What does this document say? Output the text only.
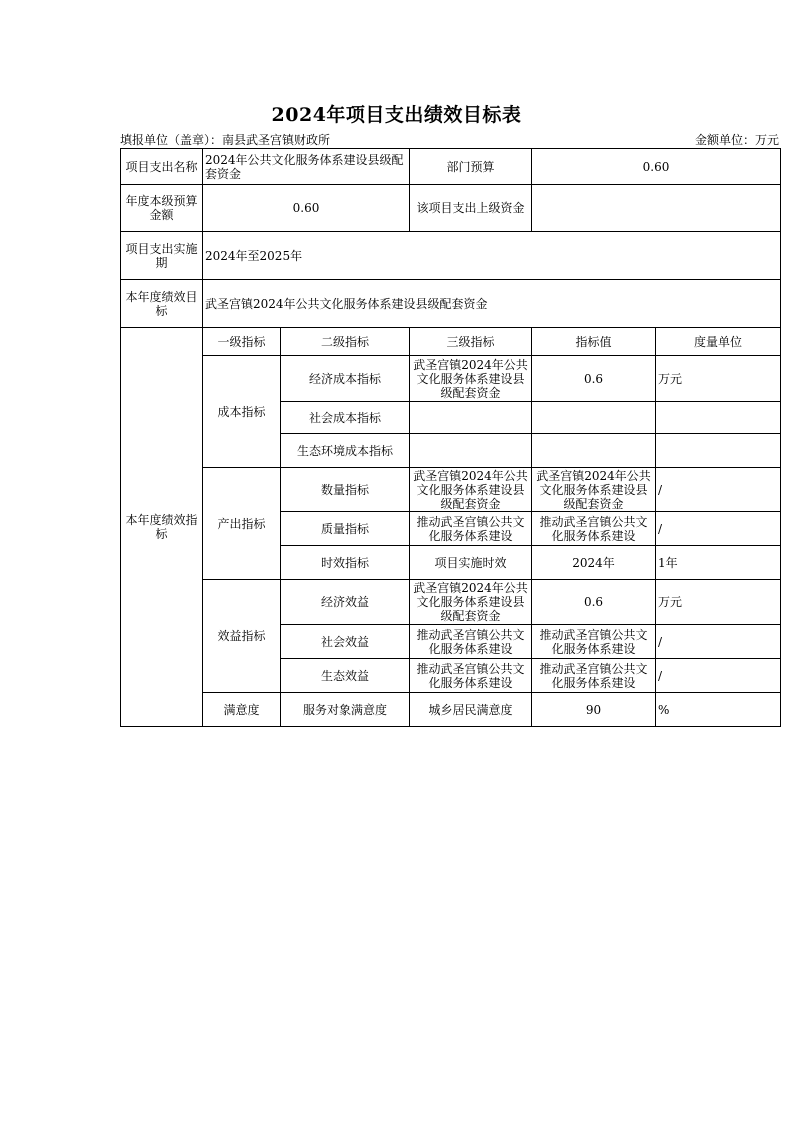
2024年项目支出绩效目标表
填报单位（盖章）：南县武圣宫镇财政所	金额单位：万元
项目支出名称	2024年公共文化服务体系建设县级配套资金		部门预算	0.60	
年度本级预算金额	0.60		该项目支出上级资金		
项目支出实施期	2024年至2025年				
本年度绩效目标	武圣宫镇2024年公共文化服务体系建设县级配套资金				
本年度绩效指标	一级指标	二级指标	三级指标	指标值	度量单位
	成本指标	经济成本指标	武圣宫镇2024年公共文化服务体系建设县级配套资金	0.6	万元
		社会成本指标			
		生态环境成本指标			
	产出指标	数量指标	武圣宫镇2024年公共文化服务体系建设县级配套资金	武圣宫镇2024年公共文化服务体系建设县级配套资金	/
		质量指标	推动武圣宫镇公共文化服务体系建设	推动武圣宫镇公共文化服务体系建设	/
		时效指标	项目实施时效	2024年	1年
	效益指标	经济效益	武圣宫镇2024年公共文化服务体系建设县级配套资金	0.6	万元
		社会效益	推动武圣宫镇公共文化服务体系建设	推动武圣宫镇公共文化服务体系建设	/
		生态效益	推动武圣宫镇公共文化服务体系建设	推动武圣宫镇公共文化服务体系建设	/
	满意度	服务对象满意度	城乡居民满意度	90	%
